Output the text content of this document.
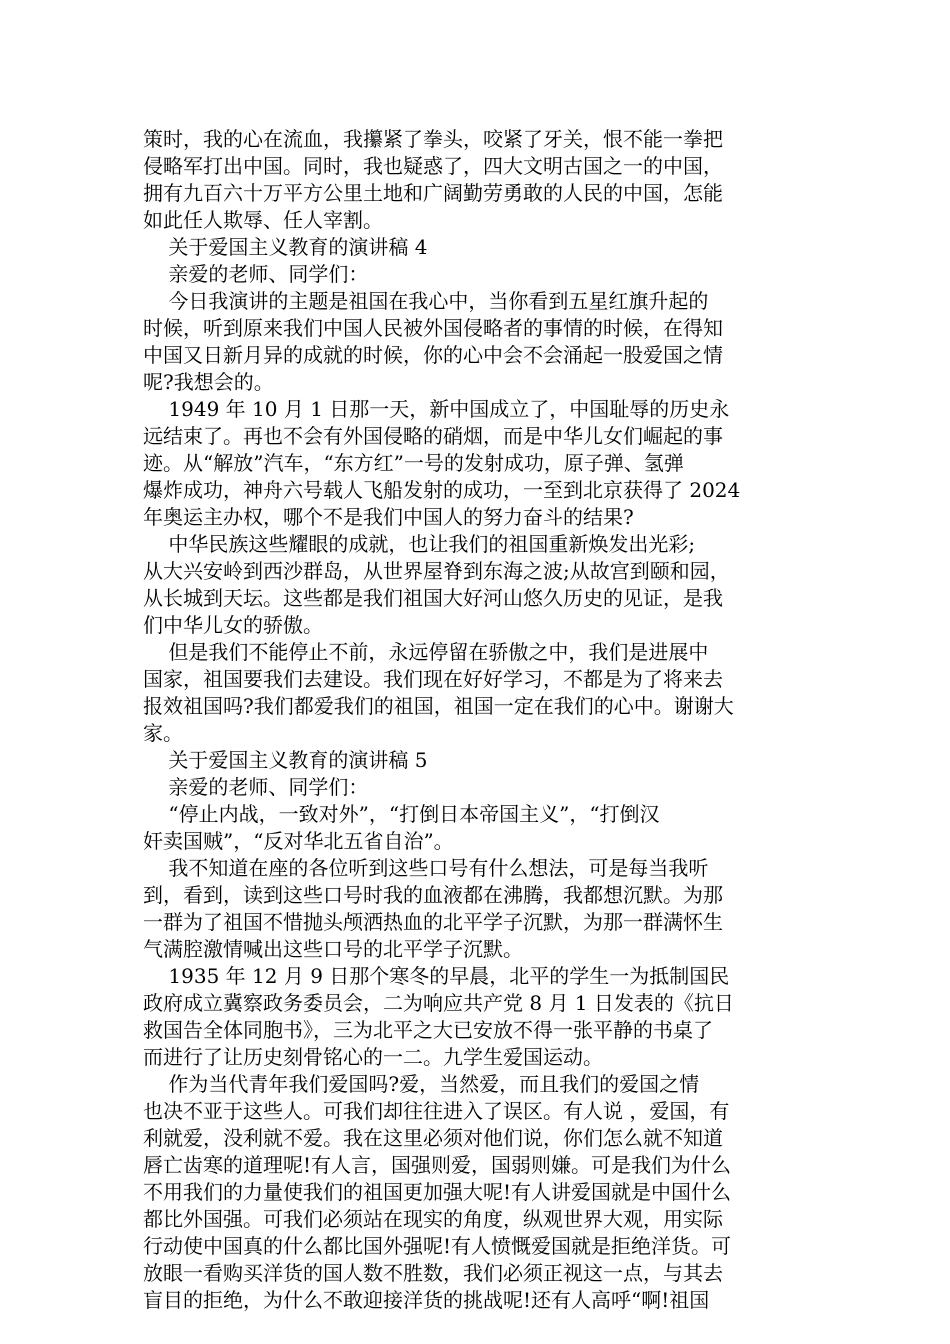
策时，我的心在流血，我攥紧了拳头，咬紧了牙关，恨不能一拳把
侵略军打出中国。同时，我也疑惑了，四大文明古国之一的中国，
拥有九百六十万平方公里土地和广阔勤劳勇敢的人民的中国，怎能
如此任人欺辱、任人宰割。
关于爱国主义教育的演讲稿 4
亲爱的老师、同学们：
今日我演讲的主题是祖国在我心中，当你看到五星红旗升起的
时候，听到原来我们中国人民被外国侵略者的事情的时候，在得知
中国又日新月异的成就的时候，你的心中会不会涌起一股爱国之情
呢?我想会的。
1949 年 10 月 1 日那一天，新中国成立了，中国耻辱的历史永
远结束了。再也不会有外国侵略的硝烟，而是中华儿女们崛起的事
迹。从“解放”汽车，“东方红”一号的发射成功，原子弹、氢弹
爆炸成功，神舟六号载人飞船发射的成功，一至到北京获得了 2024
年奥运主办权，哪个不是我们中国人的努力奋斗的结果?
中华民族这些耀眼的成就，也让我们的祖国重新焕发出光彩;
从大兴安岭到西沙群岛，从世界屋脊到东海之波;从故宫到颐和园，
从长城到天坛。这些都是我们祖国大好河山悠久历史的见证，是我
们中华儿女的骄傲。
但是我们不能停止不前，永远停留在骄傲之中，我们是进展中
国家，祖国要我们去建设。我们现在好好学习，不都是为了将来去
报效祖国吗?我们都爱我们的祖国，祖国一定在我们的心中。谢谢大
家。
关于爱国主义教育的演讲稿 5
亲爱的老师、同学们：
“停止内战，一致对外”，“打倒日本帝国主义”，“打倒汉
奸卖国贼”，“反对华北五省自治”。
我不知道在座的各位听到这些口号有什么想法，可是每当我听
到，看到，读到这些口号时我的血液都在沸腾，我都想沉默。为那
一群为了祖国不惜抛头颅洒热血的北平学子沉默，为那一群满怀生
气满腔激情喊出这些口号的北平学子沉默。
1935 年 12 月 9 日那个寒冬的早晨，北平的学生一为抵制国民
政府成立冀察政务委员会，二为响应共产党 8 月 1 日发表的《抗日
救国告全体同胞书》，三为北平之大已安放不得一张平静的书桌了
而进行了让历史刻骨铭心的一二。九学生爱国运动。
作为当代青年我们爱国吗?爱，当然爱，而且我们的爱国之情
也决不亚于这些人。可我们却往往进入了误区。有人说 ，爱国，有
利就爱，没利就不爱。我在这里必须对他们说，你们怎么就不知道
唇亡齿寒的道理呢!有人言，国强则爱，国弱则嫌。可是我们为什么
不用我们的力量使我们的祖国更加强大呢!有人讲爱国就是中国什么
都比外国强。可我们必须站在现实的角度，纵观世界大观，用实际
行动使中国真的什么都比国外强呢!有人愤慨爱国就是拒绝洋货。可
放眼一看购买洋货的国人数不胜数，我们必须正视这一点，与其去
盲目的拒绝，为什么不敢迎接洋货的挑战呢!还有人高呼“啊!祖国
